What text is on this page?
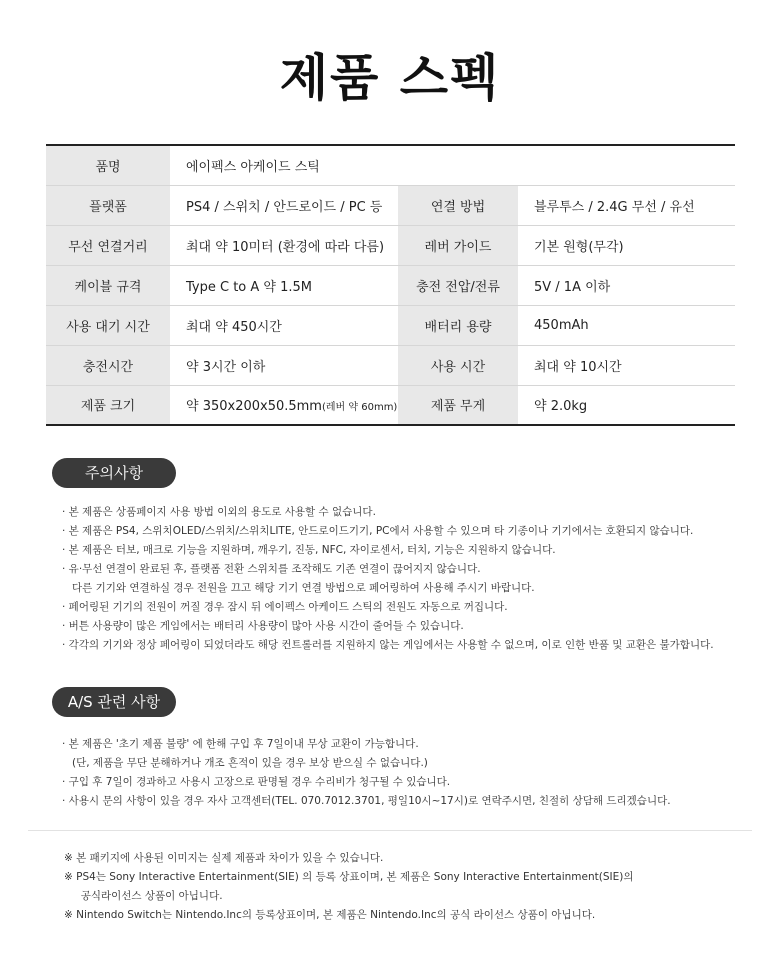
제품 스펙
품명	에이펙스 아케이드 스틱		
플랫폼	PS4 / 스위치 / 안드로이드 / PC 등	연결 방법	블루투스 / 2.4G 무선 / 유선
무선 연결거리	최대 약 10미터 (환경에 따라 다름)	레버 가이드	기본 원형(무각)
케이블 규격	Type C to A 약 1.5M	충전 전압/전류	5V / 1A 이하
사용 대기 시간	최대 약 450시간	배터리 용량	450mAh
충전시간	약 3시간 이하	사용 시간	최대 약 10시간
제품 크기	약 350x200x50.5mm(레버 약 60mm)	제품 무게	약 2.0kg
주의사항
· 본 제품은 상품페이지 사용 방법 이외의 용도로 사용할 수 없습니다.
· 본 제품은 PS4, 스위치OLED/스위치/스위치LITE, 안드로이드기기, PC에서 사용할 수 있으며 타 기종이나 기기에서는 호환되지 않습니다.
· 본 제품은 터보, 매크로 기능을 지원하며, 깨우기, 진동, NFC, 자이로센서, 터치, 기능은 지원하지 않습니다.
· 유·무선 연결이 완료된 후, 플랫폼 전환 스위치를 조작해도 기존 연결이 끊어지지 않습니다.
다른 기기와 연결하실 경우 전원을 끄고 해당 기기 연결 방법으로 페어링하여 사용해 주시기 바랍니다.
· 페어링된 기기의 전원이 꺼질 경우 잠시 뒤 에이펙스 아케이드 스틱의 전원도 자동으로 꺼집니다.
· 버튼 사용량이 많은 게임에서는 배터리 사용량이 많아 사용 시간이 줄어들 수 있습니다.
· 각각의 기기와 정상 페어링이 되었더라도 해당 컨트롤러를 지원하지 않는 게임에서는 사용할 수 없으며, 이로 인한 반품 및 교환은 불가합니다.
A/S 관련 사항
· 본 제품은 '초기 제품 불량' 에 한해 구입 후 7일이내 무상 교환이 가능합니다.
(단, 제품을 무단 분해하거나 개조 흔적이 있을 경우 보상 받으실 수 없습니다.)
· 구입 후 7일이 경과하고 사용시 고장으로 판명될 경우 수리비가 청구될 수 있습니다.
· 사용시 문의 사항이 있을 경우 자사 고객센터(TEL. 070.7012.3701, 평일10시~17시)로 연락주시면, 친절히 상담해 드리겠습니다.
※ 본 패키지에 사용된 이미지는 실제 제품과 차이가 있을 수 있습니다.
※ PS4는 Sony Interactive Entertainment(SIE) 의 등록 상표이며, 본 제품은 Sony Interactive Entertainment(SIE)의
공식라이선스 상품이 아닙니다.
※ Nintendo Switch는 Nintendo.Inc의 등록상표이며, 본 제품은 Nintendo.Inc의 공식 라이선스 상품이 아닙니다.
